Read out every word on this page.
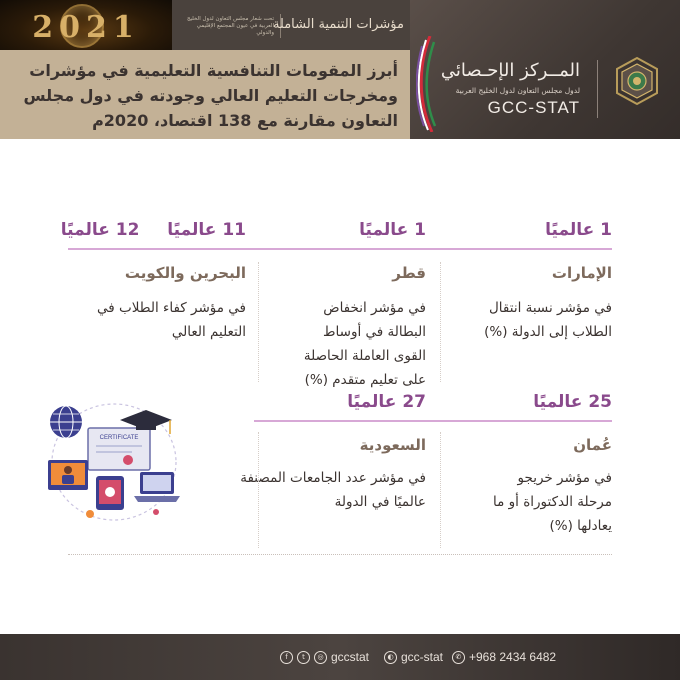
2021	تحت شعار مجلس التعاون لدول الخليج العربية في عيون المجتمع الإقليمي والدولي
مؤشرات التنمية الشاملة
أبرز المقومات التنافسية التعليمية في مؤشرات
ومخرجات التعليم العالي وجودته في دول مجلس
التعاون مقارنة مع 138 اقتصاد، 2020م
المــركز الإحـصائي
لدول مجلس التعاون لدول الخليج العربية
GCC-STAT
1 عالميًا
الإمارات
في مؤشر نسبة انتقال
الطلاب إلى الدولة (%)
1 عالميًا
قطر
في مؤشر انخفاض
البطالة في أوساط
القوى العاملة الحاصلة
على تعليم متقدم (%)
11 عالميًا  12 عالميًا
البحرين والكويت
في مؤشر كفاء الطلاب في
التعليم العالي
25 عالميًا
عُمان
في مؤشر خريجو
مرحلة الدكتوراة أو ما
يعادلها (%)
27 عالميًا
السعودية
في مؤشر عدد الجامعات المصنفة
عالميًا في الدولة
CERTIFICATE
f	t	◎ gccstat	◐ gcc-stat	✆ +968 2434 6482
